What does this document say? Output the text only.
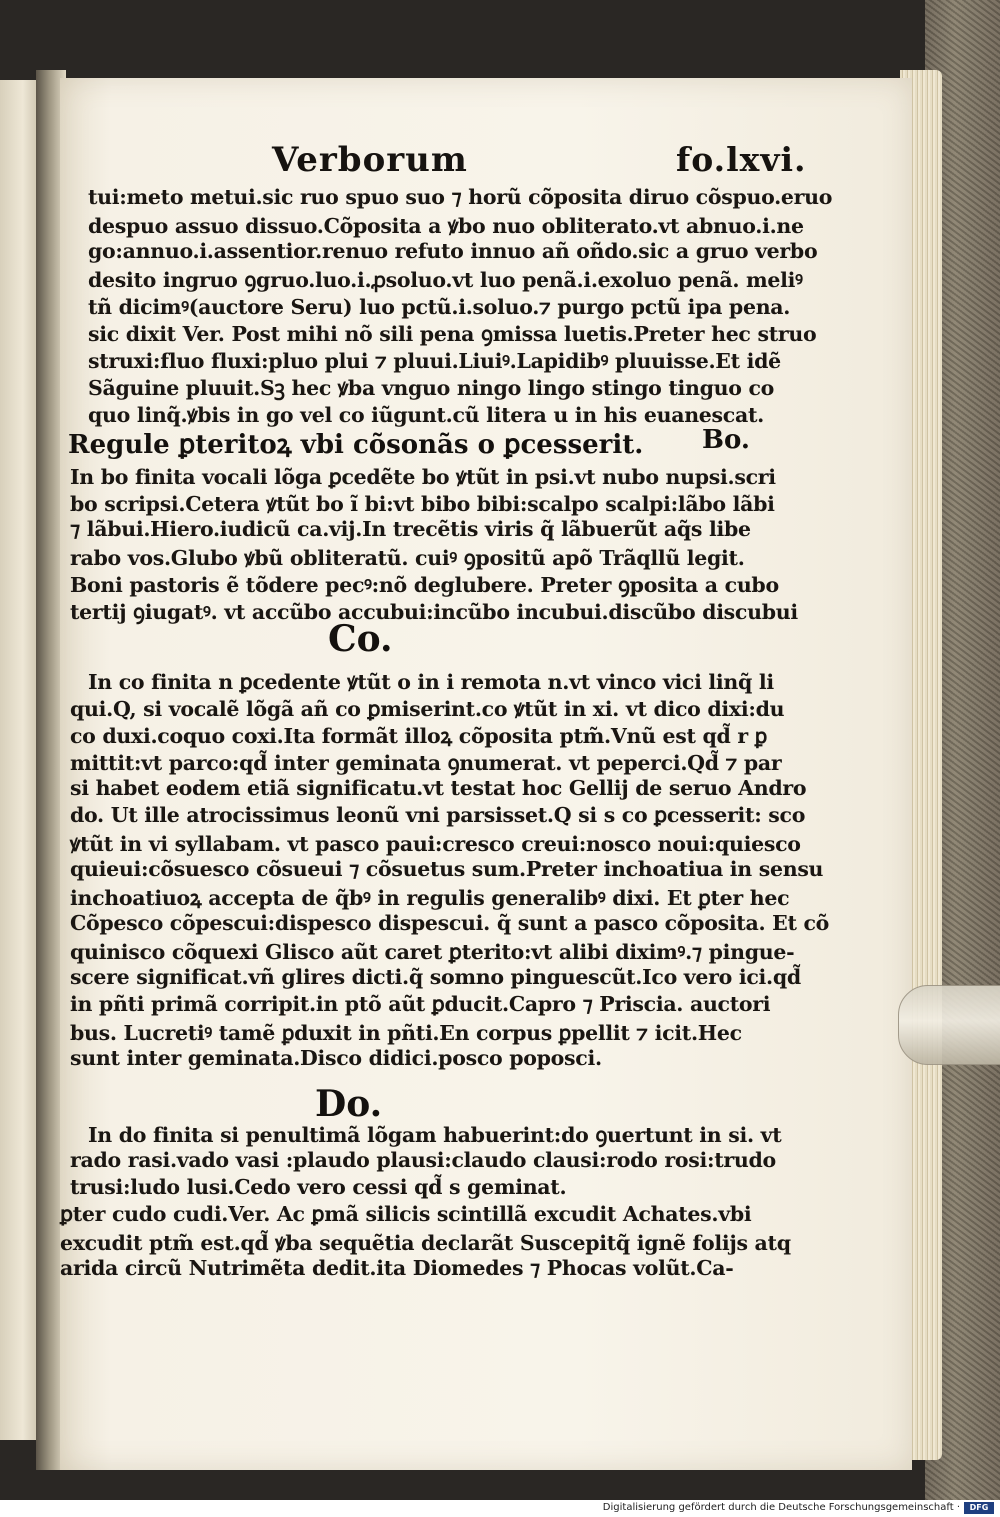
Verborum	fo.lxvi.
tui:meto metui.sic ruo spuo suo ⁊ horũ cõposita diruo cõspuo.eruo
despuo assuo dissuo.Cõposita a ꝟbo nuo obliterato.vt abnuo.i.ne
go:annuo.i.assentior.renuo refuto innuo añ oñdo.sic a gruo verbo
desito ingruo ꝯgruo.luo.i.ꝓsoluo.vt luo penã.i.exoluo penã. meliꝰ
tñ dicimꝰ(auctore Seru) luo pctũ.i.soluo.⁊ purgo pctũ ipa pena.
sic dixit Ver. Post mihi nõ sili pena ꝯmissa luetis.Preter hec struo
struxi:fluo fluxi:pluo plui ⁊ pluui.Liuiꝰ.Lapidibꝰ pluuisse.Et idẽ
Sãguine pluuit.Sꝫ hec ꝟba vnguo ningo lingo stingo tinguo co
quo linq̃.ꝟbis in go vel co iũgunt.cũ litera u in his euanescat.
Regule ꝑteritoꝝ vbi cõsonãs o ꝑcesserit. Bo.
In bo finita vocali lõga ꝑcedẽte bo ꝟtũt in psi.vt nubo nupsi.scri
bo scripsi.Cetera ꝟtũt bo ĩ bi:vt bibo bibi:scalpo scalpi:lãbo lãbi
⁊ lãbui.Hiero.iudicũ ca.vij.In trecẽtis viris q̃ lãbuerũt aq̃s libe
rabo vos.Glubo ꝟbũ obliteratũ. cuiꝰ ꝯpositũ apõ Trãqllũ legit.
Boni pastoris ẽ tõdere pecꝰ:nõ deglubere. Preter ꝯposita a cubo
tertij ꝯiugatꝰ. vt accũbo accubui:incũbo incubui.discũbo discubui
Co.
In co finita n ꝑcedente ꝟtũt o in i remota n.vt vinco vici linq̃ li
qui.Q, si vocalẽ lõgã añ co ꝑmiserint.co ꝟtũt in xi. vt dico dixi:du
co duxi.coquo coxi.Ita formãt illoꝝ cõposita ptm̃.Vnũ est qd̃ r ꝑ
mittit:vt parco:qd̃ inter geminata ꝯnumerat. vt peperci.Qd̃ ⁊ par
si habet eodem etiã significatu.vt testat hoc Gellij de seruo Andro
do. Ut ille atrocissimus leonũ vni parsisset.Q si s co ꝑcesserit: sco
ꝟtũt in vi syllabam. vt pasco paui:cresco creui:nosco noui:quiesco
quieui:cõsuesco cõsueui ⁊ cõsuetus sum.Preter inchoatiua in sensu
inchoatiuoꝝ accepta de q̃bꝰ in regulis generalibꝰ dixi. Et ꝑter hec
Cõpesco cõpescui:dispesco dispescui. q̃ sunt a pasco cõposita. Et cõ
quinisco cõquexi Glisco aũt caret ꝑterito:vt alibi diximꝰ.⁊ pingue-
scere significat.vñ glires dicti.q̃ somno pinguescũt.Ico vero ici.qd̃
in pñti primã corripit.in ptõ aũt ꝑducit.Capro ⁊ Priscia. auctori
bus. Lucretiꝰ tamẽ ꝑduxit in pñti.En corpus ꝑpellit ⁊ icit.Hec
sunt inter geminata.Disco didici.posco poposci.
Do.
In do finita si penultimã lõgam habuerint:do ꝯuertunt in si. vt
rado rasi.vado vasi :plaudo plausi:claudo clausi:rodo rosi:trudo
trusi:ludo lusi.Cedo vero cessi qd̃ s geminat.
ꝑter cudo cudi.Ver. Ac ꝑmã silicis scintillã excudit Achates.vbi
excudit ptm̃ est.qd̃ ꝟba sequẽtia declarãt Suscepitq̃ ignẽ folijs atq
arida circũ Nutrimẽta dedit.ita Diomedes ⁊ Phocas volũt.Ca-
Digitalisierung gefördert durch die Deutsche Forschungsgemeinschaft ·	DFG
